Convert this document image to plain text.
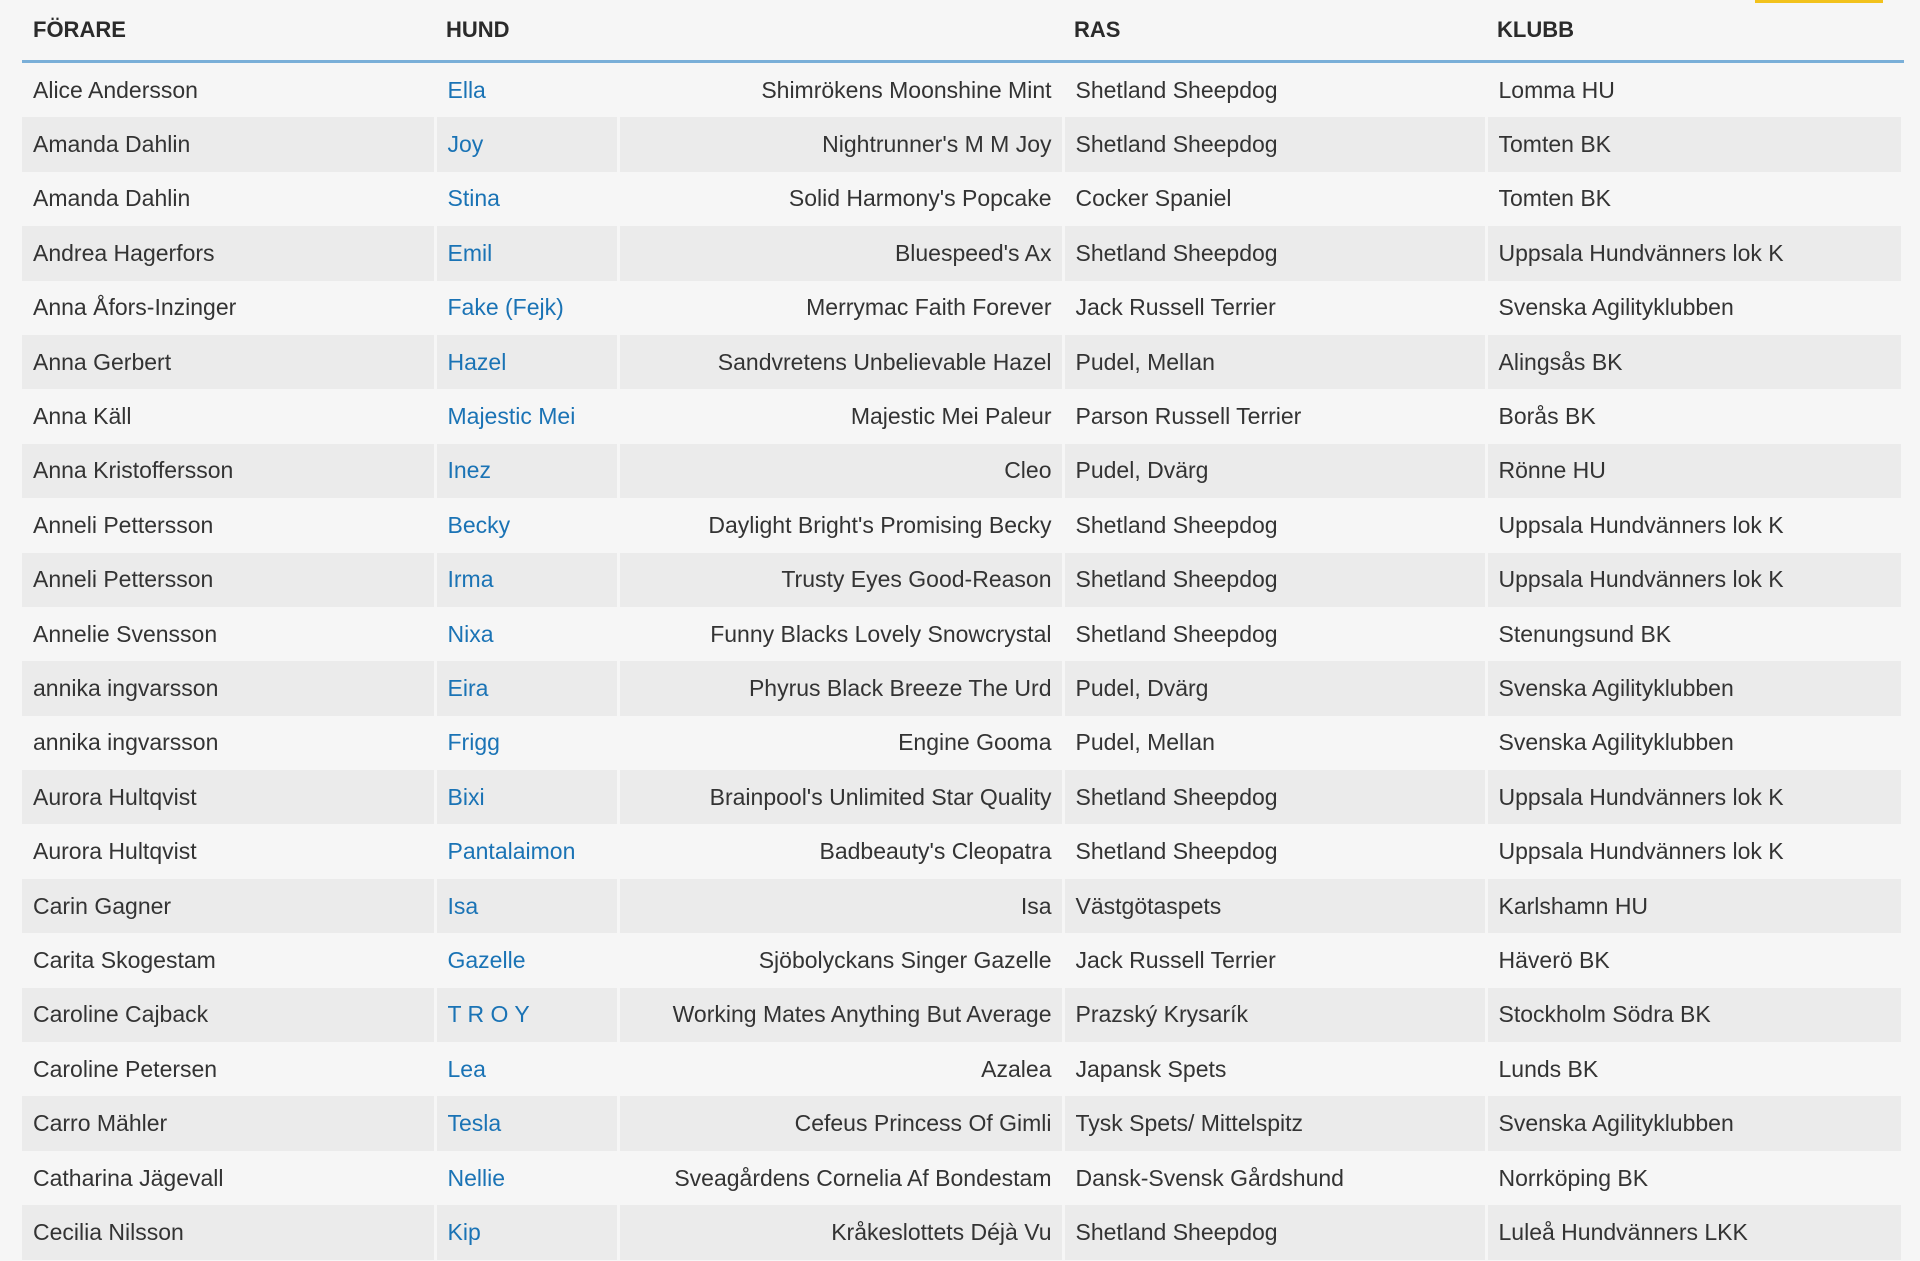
FÖRARE	HUND		RAS	KLUBB
Alice Andersson	Ella	Shimrökens Moonshine Mint	Shetland Sheepdog	Lomma HU
Amanda Dahlin	Joy	Nightrunner's M M Joy	Shetland Sheepdog	Tomten BK
Amanda Dahlin	Stina	Solid Harmony's Popcake	Cocker Spaniel	Tomten BK
Andrea Hagerfors	Emil	Bluespeed's Ax	Shetland Sheepdog	Uppsala Hundvänners lok K
Anna Åfors-Inzinger	Fake (Fejk)	Merrymac Faith Forever	Jack Russell Terrier	Svenska Agilityklubben
Anna Gerbert	Hazel	Sandvretens Unbelievable Hazel	Pudel, Mellan	Alingsås BK
Anna Käll	Majestic Mei	Majestic Mei Paleur	Parson Russell Terrier	Borås BK
Anna Kristoffersson	Inez	Cleo	Pudel, Dvärg	Rönne HU
Anneli Pettersson	Becky	Daylight Bright's Promising Becky	Shetland Sheepdog	Uppsala Hundvänners lok K
Anneli Pettersson	Irma	Trusty Eyes Good-Reason	Shetland Sheepdog	Uppsala Hundvänners lok K
Annelie Svensson	Nixa	Funny Blacks Lovely Snowcrystal	Shetland Sheepdog	Stenungsund BK
annika ingvarsson	Eira	Phyrus Black Breeze The Urd	Pudel, Dvärg	Svenska Agilityklubben
annika ingvarsson	Frigg	Engine Gooma	Pudel, Mellan	Svenska Agilityklubben
Aurora Hultqvist	Bixi	Brainpool's Unlimited Star Quality	Shetland Sheepdog	Uppsala Hundvänners lok K
Aurora Hultqvist	Pantalaimon	Badbeauty's Cleopatra	Shetland Sheepdog	Uppsala Hundvänners lok K
Carin Gagner	Isa	Isa	Västgötaspets	Karlshamn HU
Carita Skogestam	Gazelle	Sjöbolyckans Singer Gazelle	Jack Russell Terrier	Häverö BK
Caroline Cajback	T R O Y	Working Mates Anything But Average	Prazský Krysarík	Stockholm Södra BK
Caroline Petersen	Lea	Azalea	Japansk Spets	Lunds BK
Carro Mähler	Tesla	Cefeus Princess Of Gimli	Tysk Spets/ Mittelspitz	Svenska Agilityklubben
Catharina Jägevall	Nellie	Sveagårdens Cornelia Af Bondestam	Dansk-Svensk Gårdshund	Norrköping BK
Cecilia Nilsson	Kip	Kråkeslottets Déjà Vu	Shetland Sheepdog	Luleå Hundvänners LKK
